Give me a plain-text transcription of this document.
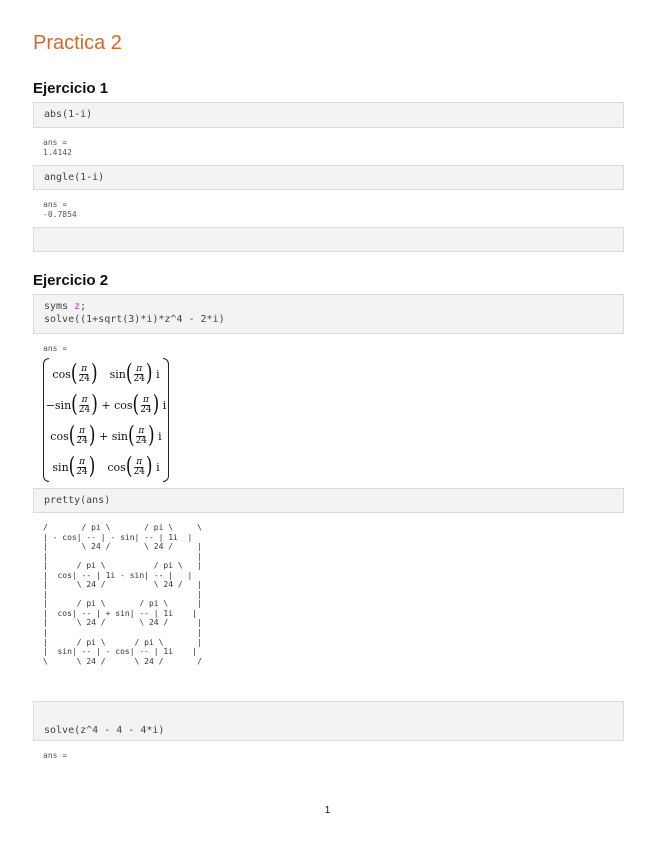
Practica 2
Ejercicio 1
abs(1-i)
ans =
1.4142
angle(1-i)
ans =
-0.7854
Ejercicio 2
syms z;
solve((1+sqrt(3)*i)*z^4 - 2*i)
ans =
cos ( $\frac{\pi}{24}$ ) sin ( $\frac{\pi}{24}$ )
i
− sin ( $\frac{\pi}{24}$ )
+
cos ( $\frac{\pi}{24}$ )
i
cos ( $\frac{\pi}{24}$ )
+
sin ( $\frac{\pi}{24}$ )
i
sin ( $\frac{\pi}{24}$ ) cos ( $\frac{\pi}{24}$ )
i
pretty(ans)
/       / pi \       / pi \     \
| - cos| -- | - sin| -- | 1i  |
|       \ 24 /       \ 24 /     |
|                               |
|      / pi \          / pi \   |
|  cos| -- | 1i - sin| -- |   |
|      \ 24 /          \ 24 /   |
|                               |
|      / pi \       / pi \      |
|  cos| -- | + sin| -- | 1i    |
|      \ 24 /       \ 24 /      |
|                               |
|      / pi \      / pi \       |
|  sin| -- | - cos| -- | 1i    |
\      \ 24 /      \ 24 /       /
solve(z^4 - 4 - 4*i)
ans =
1
